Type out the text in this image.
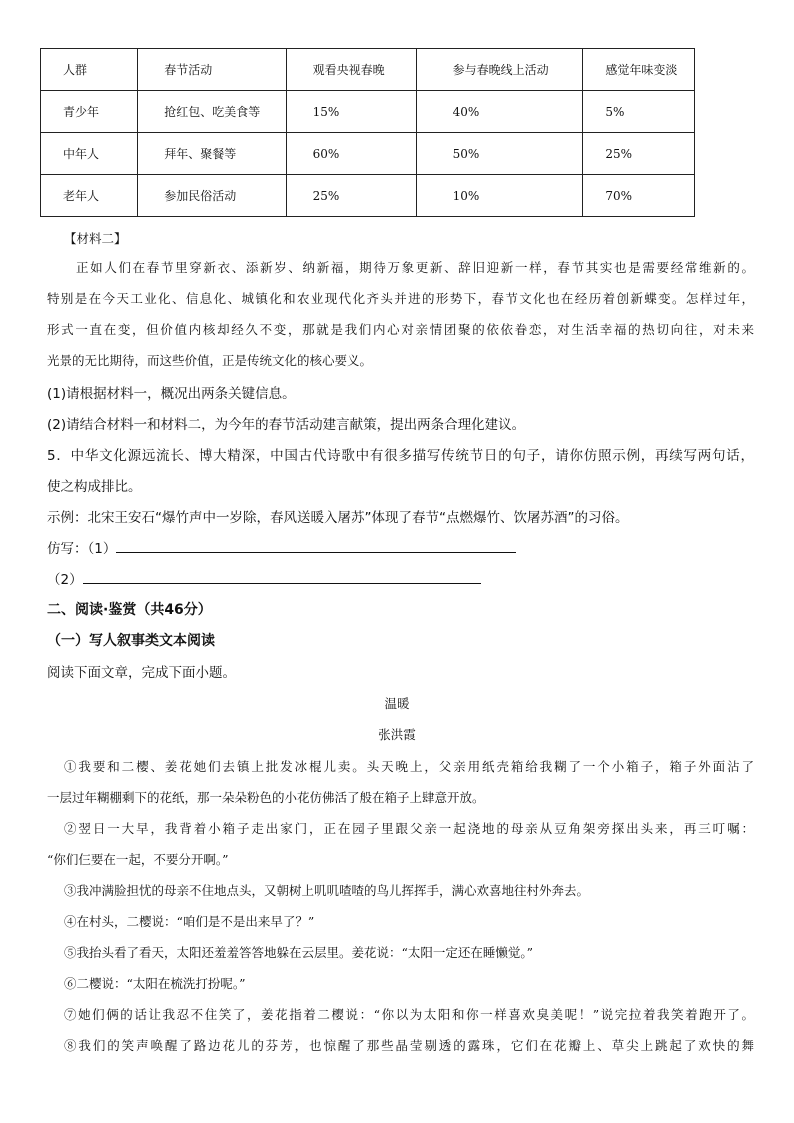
人群	春节活动	观看央视春晚	参与春晚线上活动	感觉年味变淡
青少年	抢红包、吃美食等	15%	40%	5%
中年人	拜年、聚餐等	60%	50%	25%
老年人	参加民俗活动	25%	10%	70%
【材料二】
正如人们在春节里穿新衣、添新岁、纳新福，期待万象更新、辞旧迎新一样，春节其实也是需要经常维新的。
特别是在今天工业化、信息化、城镇化和农业现代化齐头并进的形势下，春节文化也在经历着创新蝶变。怎样过年，
形式一直在变，但价值内核却经久不变，那就是我们内心对亲情团聚的依依眷恋，对生活幸福的热切向往，对未来
光景的无比期待，而这些价值，正是传统文化的核心要义。
(1)请根据材料一，概况出两条关键信息。
(2)请结合材料一和材料二，为今年的春节活动建言献策，提出两条合理化建议。
5．中华文化源远流长、博大精深，中国古代诗歌中有很多描写传统节日的句子，请你仿照示例，再续写两句话，
使之构成排比。
示例：北宋王安石“爆竹声中一岁除，春风送暖入屠苏”体现了春节“点燃爆竹、饮屠苏酒”的习俗。
仿写：（1）
（2）
二、阅读·鉴赏（共46分）
（一）写人叙事类文本阅读
阅读下面文章，完成下面小题。
温暖
张洪霞
①我要和二樱、姜花她们去镇上批发冰棍儿卖。头天晚上，父亲用纸壳箱给我糊了一个小箱子，箱子外面沾了
一层过年糊棚剩下的花纸，那一朵朵粉色的小花仿佛活了般在箱子上肆意开放。
②翌日一大早，我背着小箱子走出家门，正在园子里跟父亲一起浇地的母亲从豆角架旁探出头来，再三叮嘱：
“你们仨要在一起，不要分开啊。”
③我冲满脸担忧的母亲不住地点头，又朝树上叽叽喳喳的鸟儿挥挥手，满心欢喜地往村外奔去。
④在村头，二樱说：“咱们是不是出来早了？”
⑤我抬头看了看天，太阳还羞羞答答地躲在云层里。姜花说：“太阳一定还在睡懒觉。”
⑥二樱说：“太阳在梳洗打扮呢。”
⑦她们俩的话让我忍不住笑了，姜花指着二樱说：“你以为太阳和你一样喜欢臭美呢！”说完拉着我笑着跑开了。
⑧我们的笑声唤醒了路边花儿的芬芳，也惊醒了那些晶莹剔透的露珠，它们在花瓣上、草尖上跳起了欢快的舞
